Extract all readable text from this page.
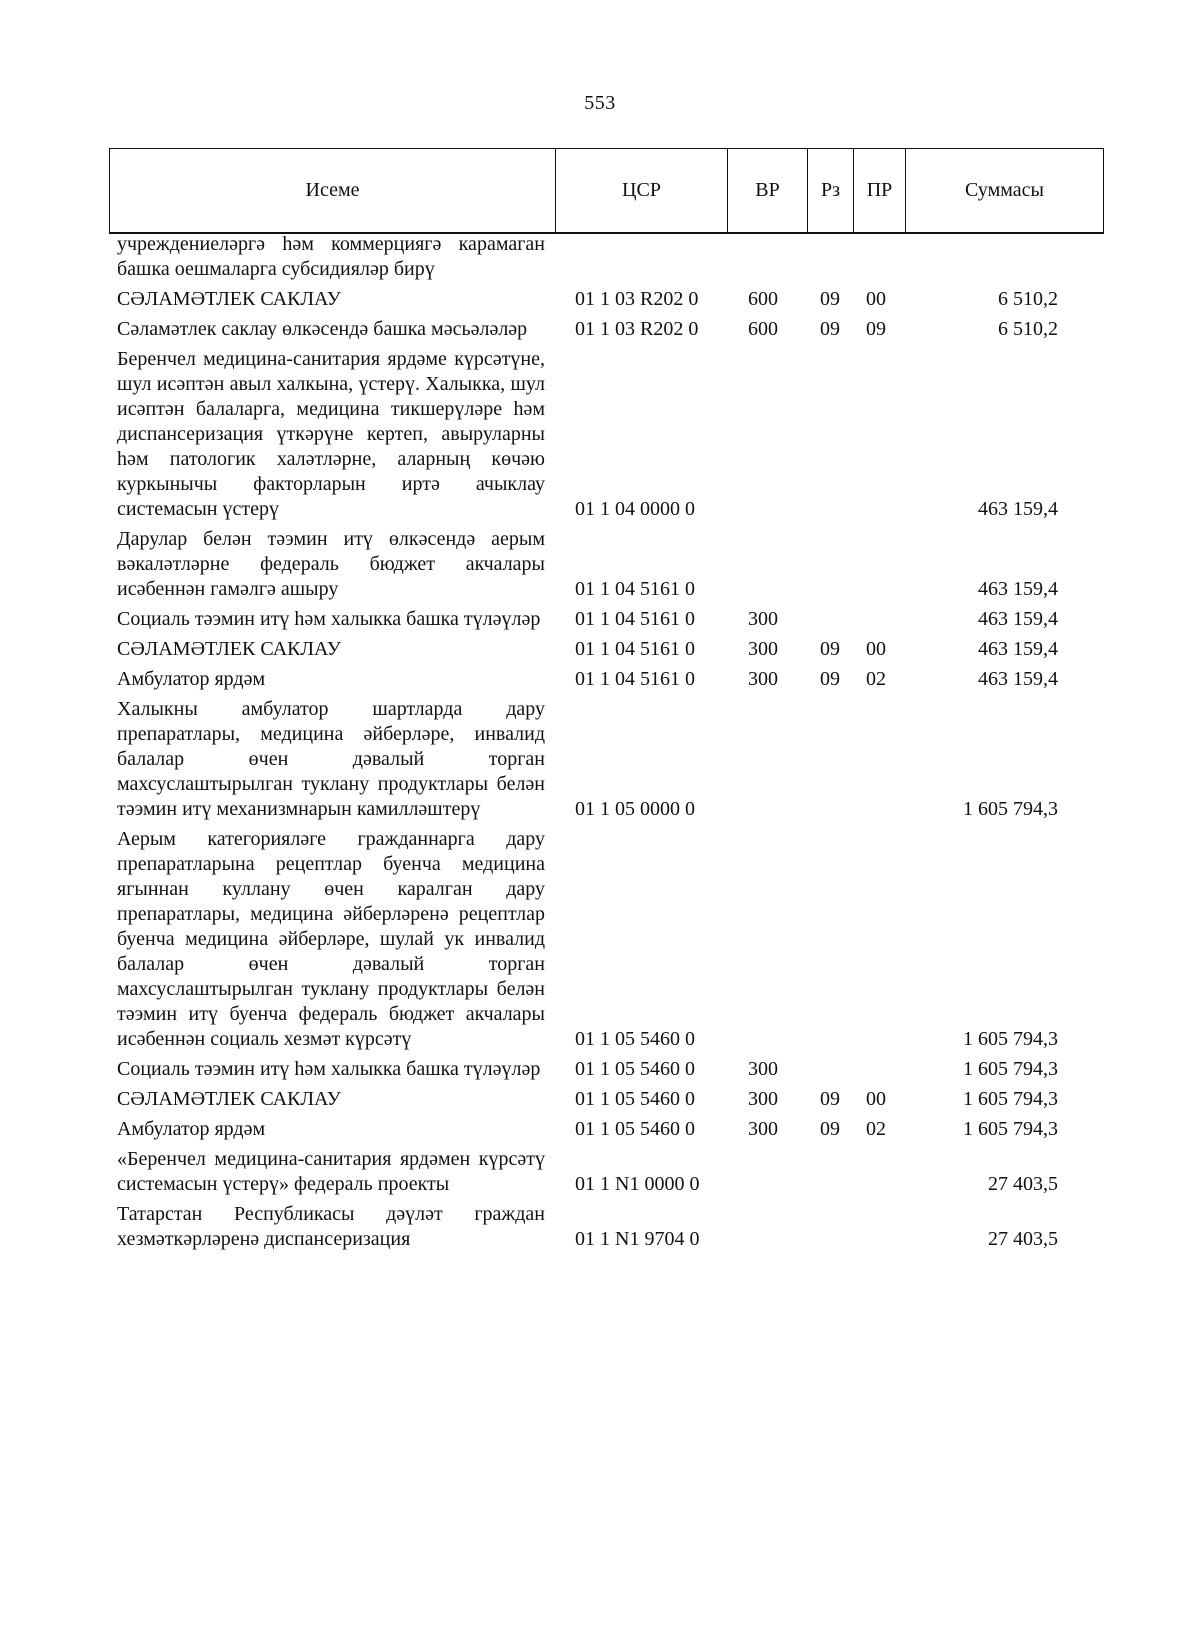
553
Исеме	ЦСР	ВР	Рз	ПР	Суммасы
учреждениеләргә һәм коммерциягә карамаган башка оешмаларга субсидияләр бирү					

СӘЛАМӘТЛЕК САКЛАУ	01 1 03 R202 0	600	09	00	6 510,2

Сәламәтлек саклау өлкәсендә башка мәсьәләләр	01 1 03 R202 0	600	09	09	6 510,2

Беренчел медицина-санитария ярдәме күрсәтүне, шул исәптән авыл халкына, үстерү. Халыкка, шул исәптән балаларга, медицина тикшерүләре һәм диспансеризация үткәрүне кертеп, авыруларны һәм патологик халәтләрне, аларның көчәю куркынычы факторларын иртә ачыклау системасын үстерү	01 1 04 0000 0				463 159,4

Дарулар белән тәэмин итү өлкәсендә аерым вәкаләтләрне федераль бюджет акчалары исәбеннән гамәлгә ашыру	01 1 04 5161 0				463 159,4

Социаль тәэмин итү һәм халыкка башка түләүләр	01 1 04 5161 0	300			463 159,4

СӘЛАМӘТЛЕК САКЛАУ	01 1 04 5161 0	300	09	00	463 159,4

Амбулатор ярдәм	01 1 04 5161 0	300	09	02	463 159,4

Халыкны амбулатор шартларда дару препаратлары, медицина әйберләре, инвалид балалар өчен дәвалый торган махсуслаштырылган туклану продуктлары белән тәэмин итү механизмнарын камилләштерү	01 1 05 0000 0				1 605 794,3

Аерым категорияләге гражданнарга дару препаратларына рецептлар буенча медицина ягыннан куллану өчен каралган дару препаратлары, медицина әйберләренә рецептлар буенча медицина әйберләре, шулай ук инвалид балалар өчен дәвалый торган махсуслаштырылган туклану продуктлары белән тәэмин итү буенча федераль бюджет акчалары исәбеннән социаль хезмәт күрсәтү	01 1 05 5460 0				1 605 794,3

Социаль тәэмин итү һәм халыкка башка түләүләр	01 1 05 5460 0	300			1 605 794,3

СӘЛАМӘТЛЕК САКЛАУ	01 1 05 5460 0	300	09	00	1 605 794,3

Амбулатор ярдәм	01 1 05 5460 0	300	09	02	1 605 794,3

«Беренчел медицина-санитария ярдәмен күрсәтү системасын үстерү» федераль проекты	01 1 N1 0000 0				27 403,5

Татарстан Республикасы дәүләт граждан хезмәткәрләренә диспансеризация	01 1 N1 9704 0				27 403,5
